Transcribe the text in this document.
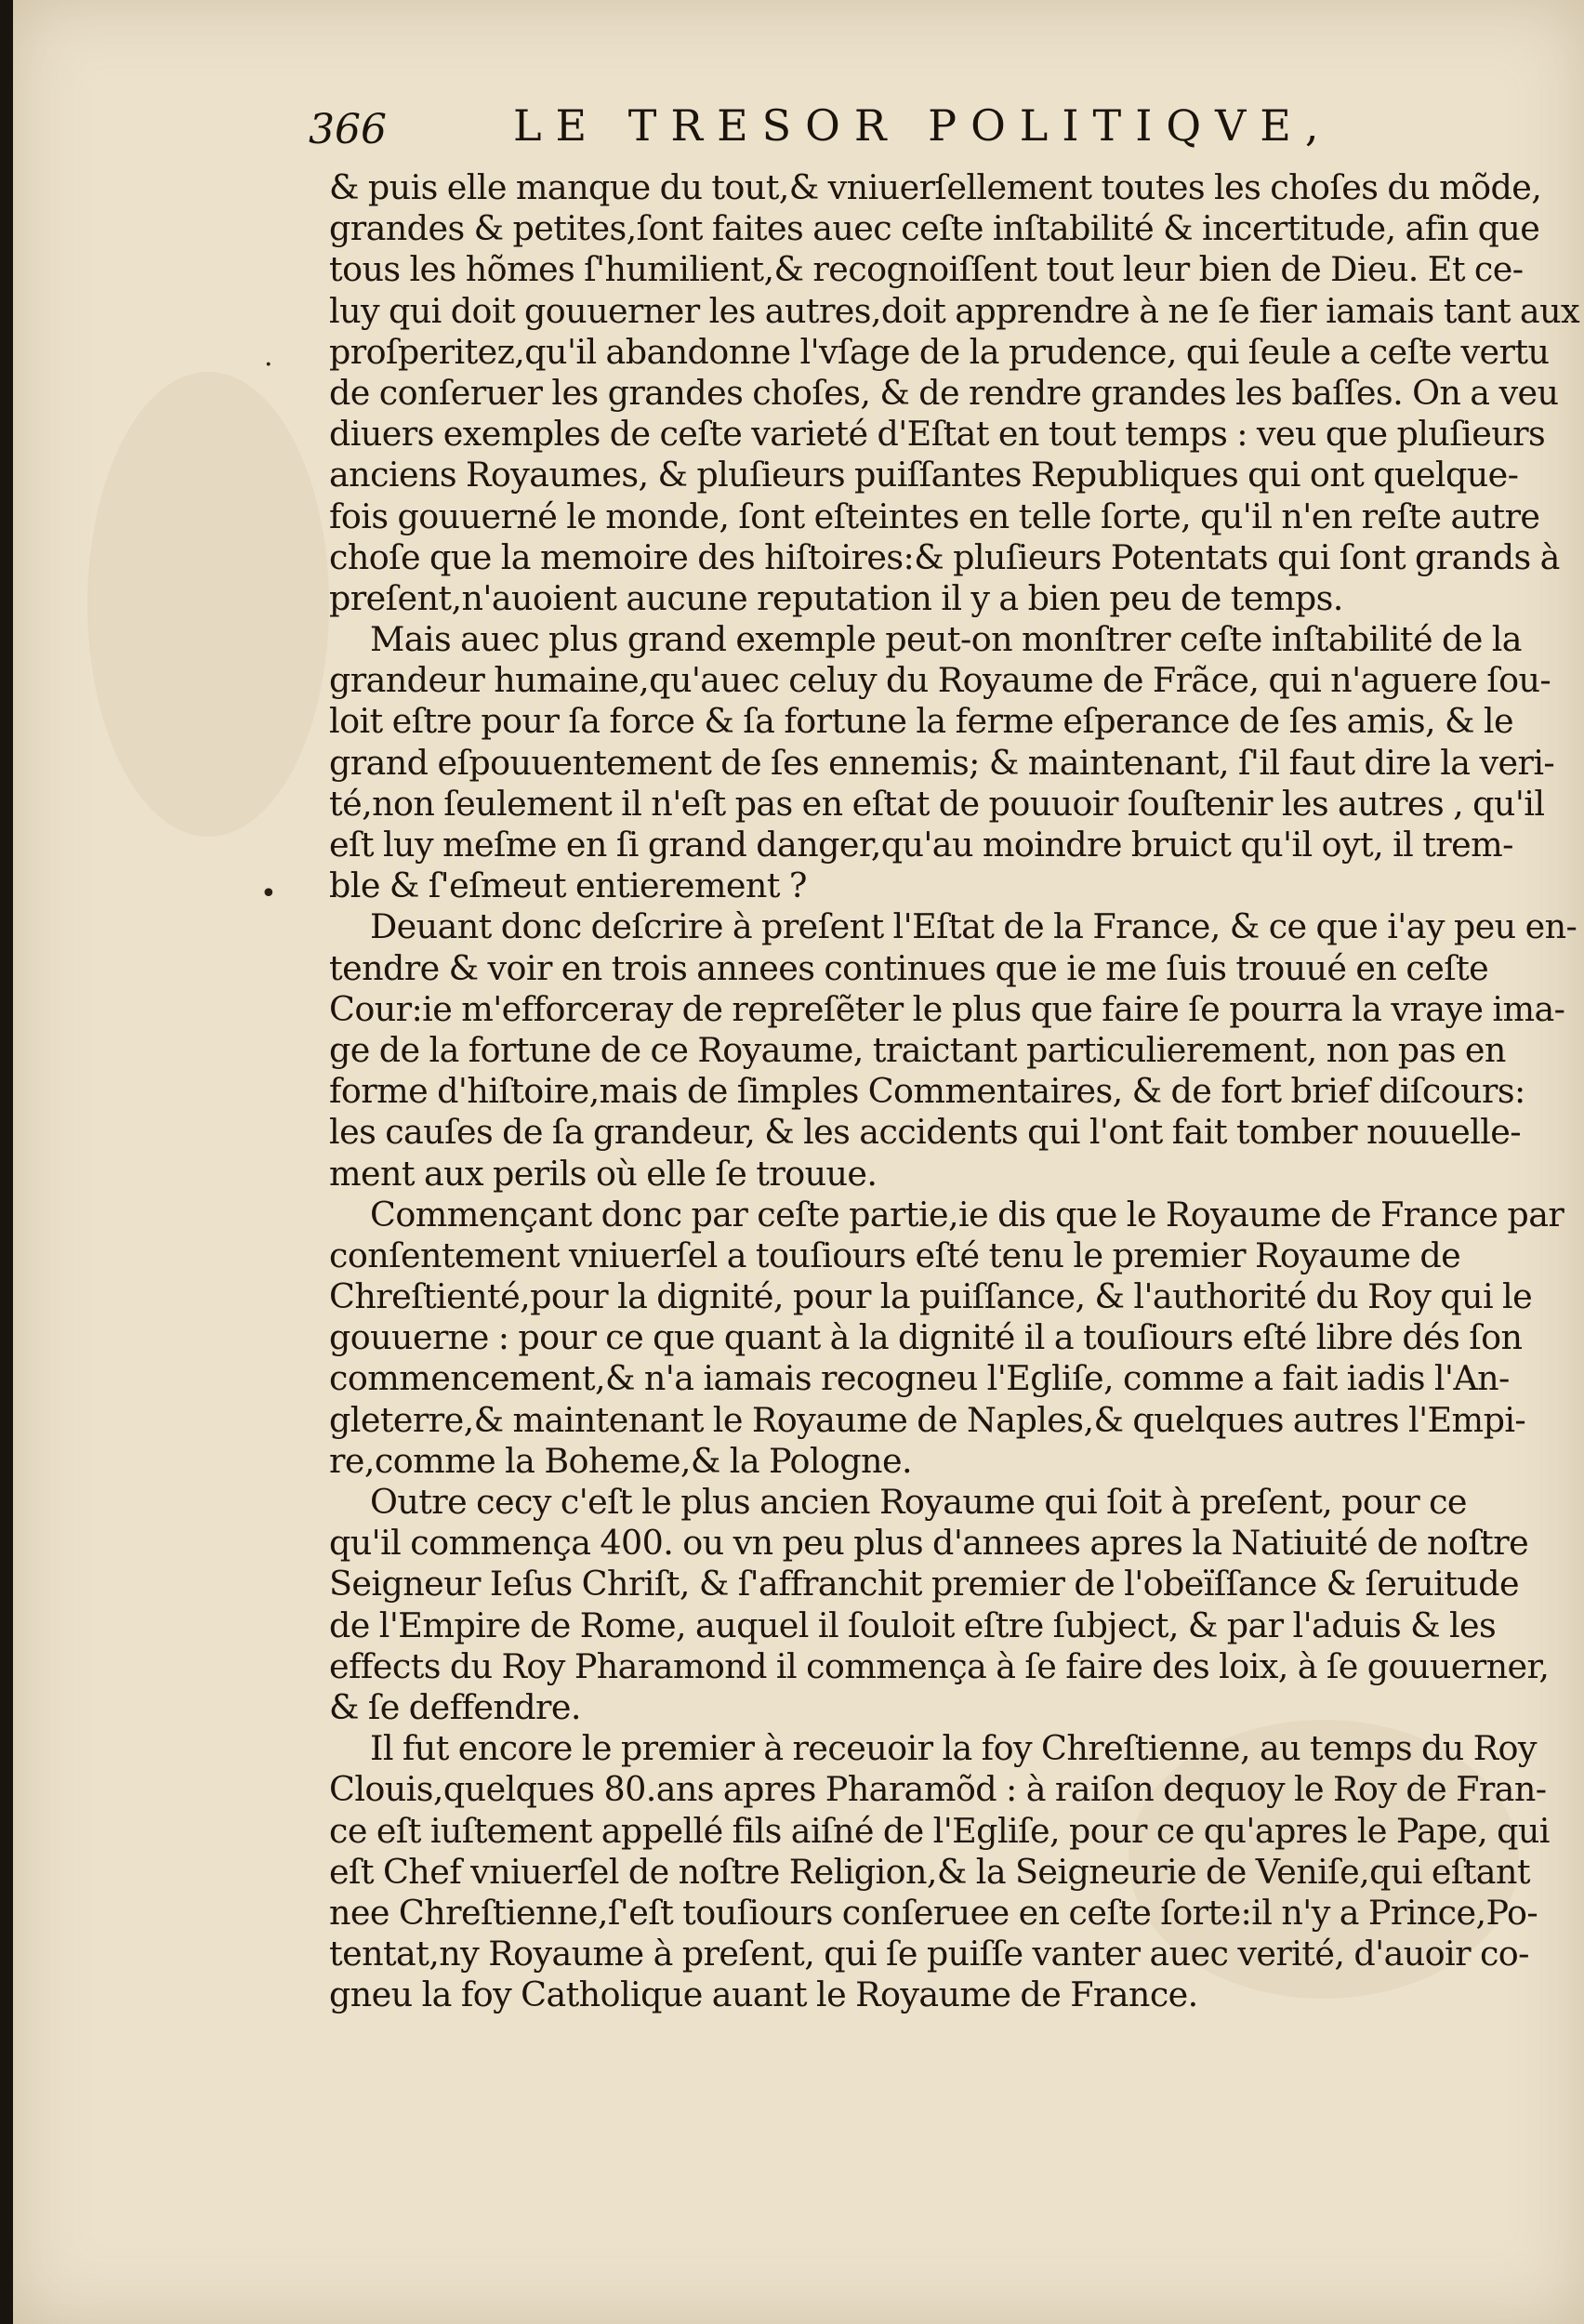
366	LE TRESOR POLITIQVE,
·
•
& puis elle manque du tout,& vniuerſellement toutes les choſes du mõde,
grandes & petites,ſont faites auec ceſte inſtabilité & incertitude, afin que
tous les hõmes ſ'humilient,& recognoiſſent tout leur bien de Dieu. Et ce-
luy qui doit gouuerner les autres,doit apprendre à ne ſe fier iamais tant aux
proſperitez,qu'il abandonne l'vſage de la prudence, qui ſeule a ceſte vertu
de conſeruer les grandes choſes, & de rendre grandes les baſſes. On a veu
diuers exemples de ceſte varieté d'Eſtat en tout temps : veu que pluſieurs
anciens Royaumes, & pluſieurs puiſſantes Republiques qui ont quelque-
fois gouuerné le monde, ſont eſteintes en telle ſorte, qu'il n'en reſte autre
choſe que la memoire des hiſtoires:& pluſieurs Potentats qui ſont grands à
preſent,n'auoient aucune reputation il y a bien peu de temps.
Mais auec plus grand exemple peut-on monſtrer ceſte inſtabilité de la
grandeur humaine,qu'auec celuy du Royaume de Frãce, qui n'aguere ſou-
loit eſtre pour ſa force & ſa fortune la ferme eſperance de ſes amis, & le
grand eſpouuentement de ſes ennemis; & maintenant, ſ'il faut dire la veri-
té,non ſeulement il n'eſt pas en eſtat de pouuoir ſouſtenir les autres , qu'il
eſt luy meſme en ſi grand danger,qu'au moindre bruict qu'il oyt, il trem-
ble & ſ'eſmeut entierement ?
Deuant donc deſcrire à preſent l'Eſtat de la France, & ce que i'ay peu en-
tendre & voir en trois annees continues que ie me ſuis trouué en ceſte
Cour:ie m'efforceray de repreſẽter le plus que faire ſe pourra la vraye ima-
ge de la fortune de ce Royaume, traictant particulierement, non pas en
forme d'hiſtoire,mais de ſimples Commentaires, & de fort brief diſcours:
les cauſes de ſa grandeur, & les accidents qui l'ont fait tomber nouuelle-
ment aux perils où elle ſe trouue.
Commençant donc par ceſte partie,ie dis que le Royaume de France par
conſentement vniuerſel a touſiours eſté tenu le premier Royaume de
Chreſtienté,pour la dignité, pour la puiſſance, & l'authorité du Roy qui le
gouuerne : pour ce que quant à la dignité il a touſiours eſté libre dés ſon
commencement,& n'a iamais recogneu l'Egliſe, comme a fait iadis l'An-
gleterre,& maintenant le Royaume de Naples,& quelques autres l'Empi-
re,comme la Boheme,& la Pologne.
Outre cecy c'eſt le plus ancien Royaume qui ſoit à preſent, pour ce
qu'il commença 400. ou vn peu plus d'annees apres la Natiuité de noſtre
Seigneur Ieſus Chriſt, & ſ'affranchit premier de l'obeïſſance & ſeruitude
de l'Empire de Rome, auquel il ſouloit eſtre ſubject, & par l'aduis & les
effects du Roy Pharamond il commença à ſe faire des loix, à ſe gouuerner,
& ſe deffendre.
Il fut encore le premier à receuoir la foy Chreſtienne, au temps du Roy
Clouis,quelques 80.ans apres Pharamõd : à raiſon dequoy le Roy de Fran-
ce eſt iuſtement appellé fils aiſné de l'Egliſe, pour ce qu'apres le Pape, qui
eſt Chef vniuerſel de noſtre Religion,& la Seigneurie de Veniſe,qui eſtant
nee Chreſtienne,ſ'eſt touſiours conſeruee en ceſte ſorte:il n'y a Prince,Po-
tentat,ny Royaume à preſent, qui ſe puiſſe vanter auec verité, d'auoir co-
gneu la foy Catholique auant le Royaume de France.
